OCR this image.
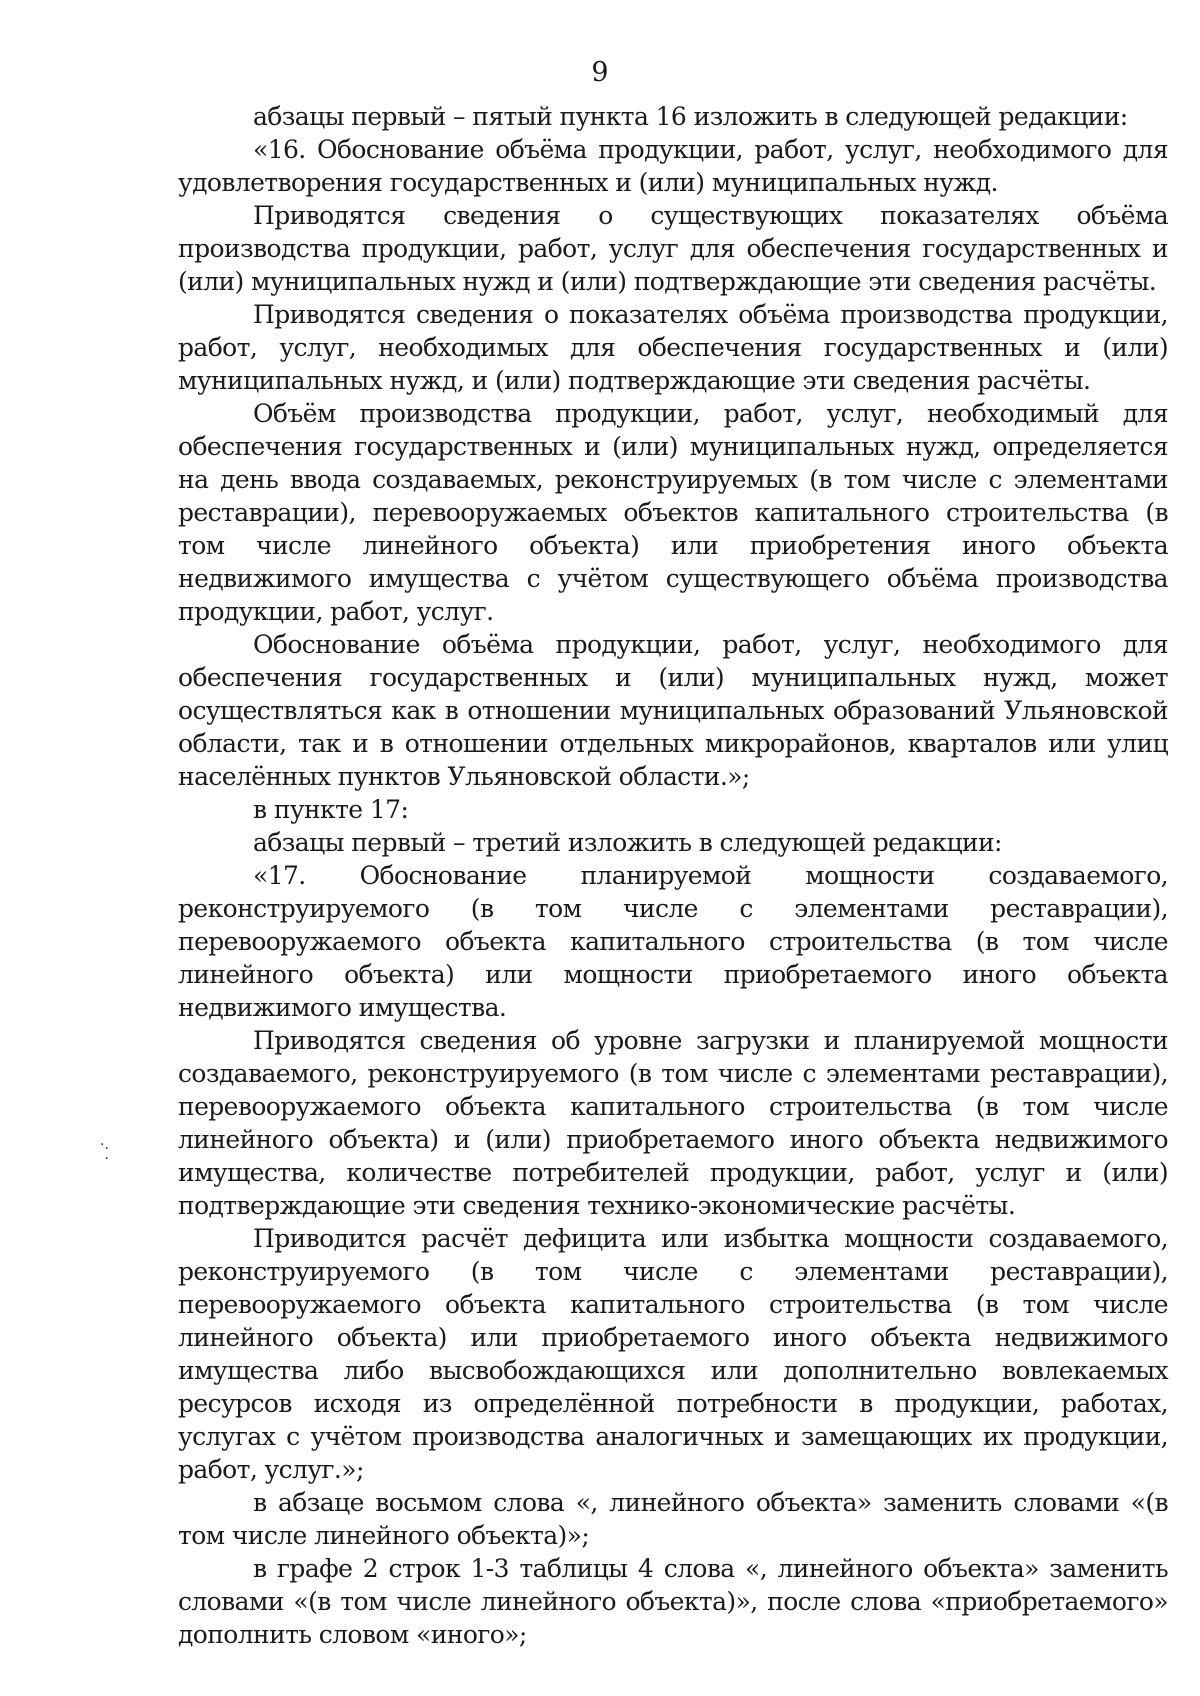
9

абзацы первый – пятый пункта 16 изложить в следующей редакции:

«16. Обоснование объёма продукции, работ, услуг, необходимого для удовлетворения государственных и (или) муниципальных нужд.

Приводятся сведения о существующих показателях объёма производства продукции, работ, услуг для обеспечения государственных и (или) муниципальных нужд и (или) подтверждающие эти сведения расчёты.

Приводятся сведения о показателях объёма производства продукции, работ, услуг, необходимых для обеспечения государственных и (или) муниципальных нужд, и (или) подтверждающие эти сведения расчёты.

Объём производства продукции, работ, услуг, необходимый для обеспечения государственных и (или) муниципальных нужд, определяется на день ввода создаваемых, реконструируемых (в том числе с элементами реставрации), перевооружаемых объектов капитального строительства (в том числе линейного объекта) или приобретения иного объекта недвижимого имущества с учётом существующего объёма производства продукции, работ, услуг.

Обоснование объёма продукции, работ, услуг, необходимого для обеспечения государственных и (или) муниципальных нужд, может осуществляться как в отношении муниципальных образований Ульяновской области, так и в отношении отдельных микрорайонов, кварталов или улиц населённых пунктов Ульяновской области.»;

в пункте 17:

абзацы первый – третий изложить в следующей редакции:

«17. Обоснование планируемой мощности создаваемого, реконструируемого (в том числе с элементами реставрации), перевооружаемого объекта капитального строительства (в том числе линейного объекта) или мощности приобретаемого иного объекта недвижимого имущества.

Приводятся сведения об уровне загрузки и планируемой мощности создаваемого, реконструируемого (в том числе с элементами реставрации), перевооружаемого объекта капитального строительства (в том числе линейного объекта) и (или) приобретаемого иного объекта недвижимого имущества, количестве потребителей продукции, работ, услуг и (или) подтверждающие эти сведения технико-экономические расчёты.

Приводится расчёт дефицита или избытка мощности создаваемого, реконструируемого (в том числе с элементами реставрации), перевооружаемого объекта капитального строительства (в том числе линейного объекта) или приобретаемого иного объекта недвижимого имущества либо высвобождающихся или дополнительно вовлекаемых ресурсов исходя из определённой потребности в продукции, работах, услугах с учётом производства аналогичных и замещающих их продукции, работ, услуг.»;

в абзаце восьмом слова «, линейного объекта» заменить словами «(в том числе линейного объекта)»;

в графе 2 строк 1-3 таблицы 4 слова «, линейного объекта» заменить словами «(в том числе линейного объекта)», после слова «приобретаемого» дополнить словом «иного»;

·.
·
